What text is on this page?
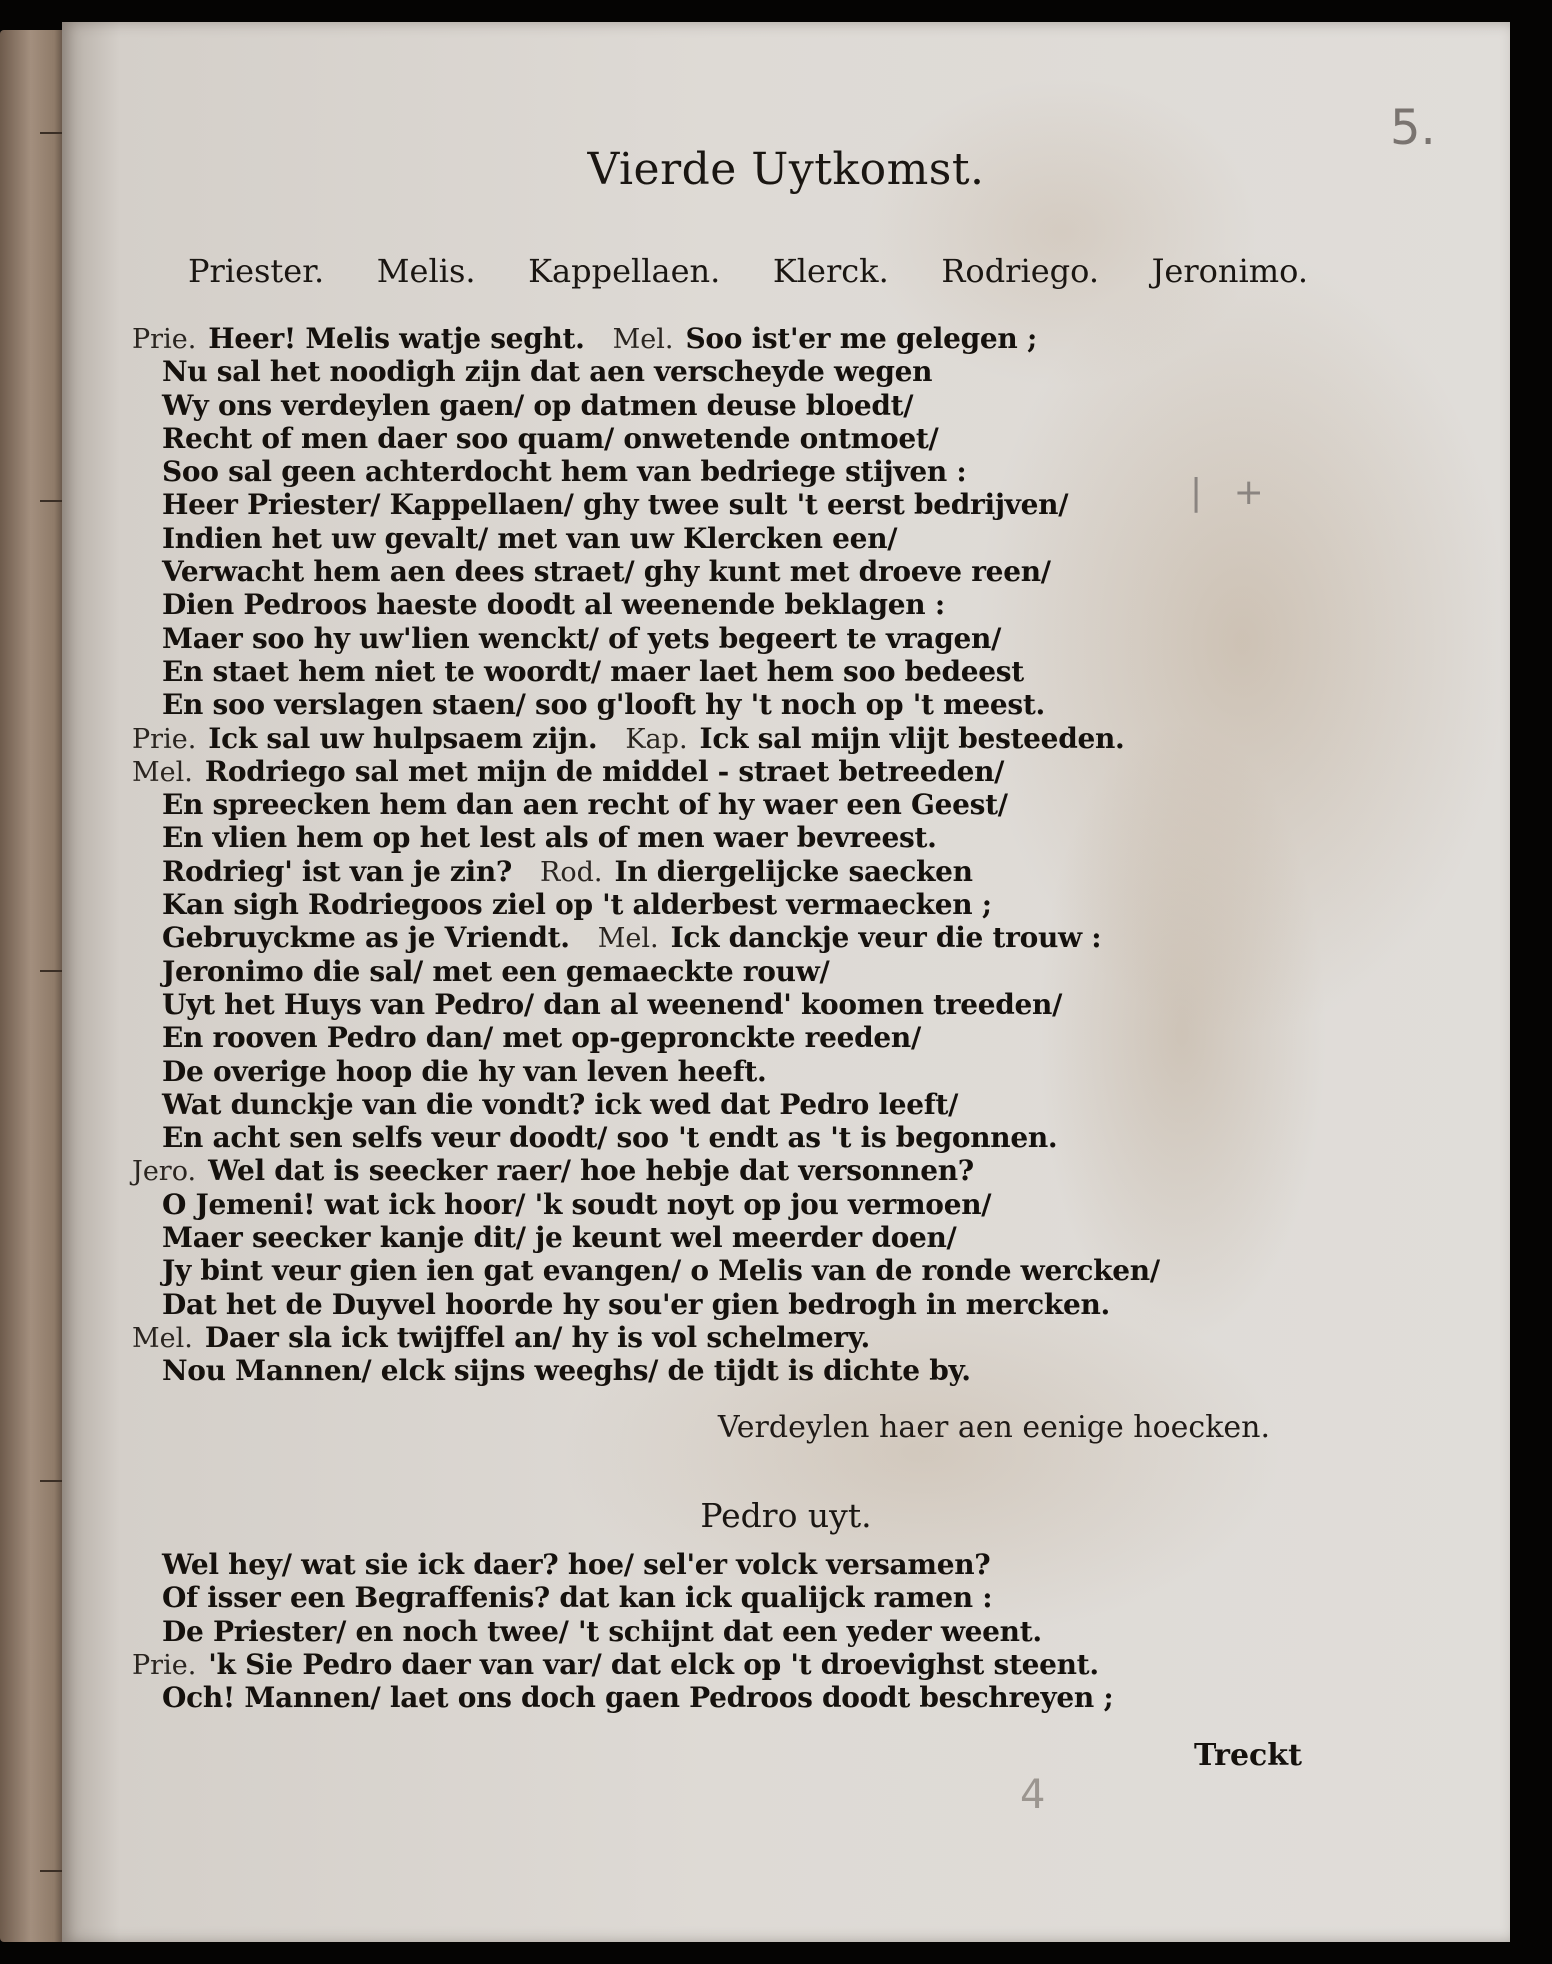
5.
| +
4
Vierde Uytkomst.
Priester. Melis. Kappellaen. Klerck. Rodriego. Jeronimo.
Prie. Heer! Melis watje seght. Mel. Soo ist'er me gelegen ;
Nu sal het noodigh zijn dat aen verscheyde wegen
Wy ons verdeylen gaen/ op datmen deuse bloedt/
Recht of men daer soo quam/ onwetende ontmoet/
Soo sal geen achterdocht hem van bedriege stijven :
Heer Priester/ Kappellaen/ ghy twee sult 't eerst bedrijven/
Indien het uw gevalt/ met van uw Klercken een/
Verwacht hem aen dees straet/ ghy kunt met droeve reen/
Dien Pedroos haeste doodt al weenende beklagen :
Maer soo hy uw'lien wenckt/ of yets begeert te vragen/
En staet hem niet te woordt/ maer laet hem soo bedeest
En soo verslagen staen/ soo g'looft hy 't noch op 't meest.
Prie. Ick sal uw hulpsaem zijn. Kap. Ick sal mijn vlijt besteeden.
Mel. Rodriego sal met mijn de middel - straet betreeden/
En spreecken hem dan aen recht of hy waer een Geest/
En vlien hem op het lest als of men waer bevreest.
Rodrieg' ist van je zin? Rod. In diergelijcke saecken
Kan sigh Rodriegoos ziel op 't alderbest vermaecken ;
Gebruyckme as je Vriendt. Mel. Ick danckje veur die trouw :
Jeronimo die sal/ met een gemaeckte rouw/
Uyt het Huys van Pedro/ dan al weenend' koomen treeden/
En rooven Pedro dan/ met op-gepronckte reeden/
De overige hoop die hy van leven heeft.
Wat dunckje van die vondt? ick wed dat Pedro leeft/
En acht sen selfs veur doodt/ soo 't endt as 't is begonnen.
Jero. Wel dat is seecker raer/ hoe hebje dat versonnen?
O Jemeni! wat ick hoor/ 'k soudt noyt op jou vermoen/
Maer seecker kanje dit/ je keunt wel meerder doen/
Jy bint veur gien ien gat evangen/ o Melis van de ronde wercken/
Dat het de Duyvel hoorde hy sou'er gien bedrogh in mercken.
Mel. Daer sla ick twijffel an/ hy is vol schelmery.
Nou Mannen/ elck sijns weeghs/ de tijdt is dichte by.
Verdeylen haer aen eenige hoecken.
Pedro uyt.
Wel hey/ wat sie ick daer? hoe/ sel'er volck versamen?
Of isser een Begraffenis? dat kan ick qualijck ramen :
De Priester/ en noch twee/ 't schijnt dat een yeder weent.
Prie. 'k Sie Pedro daer van var/ dat elck op 't droevighst steent.
Och! Mannen/ laet ons doch gaen Pedroos doodt beschreyen ;
Treckt
